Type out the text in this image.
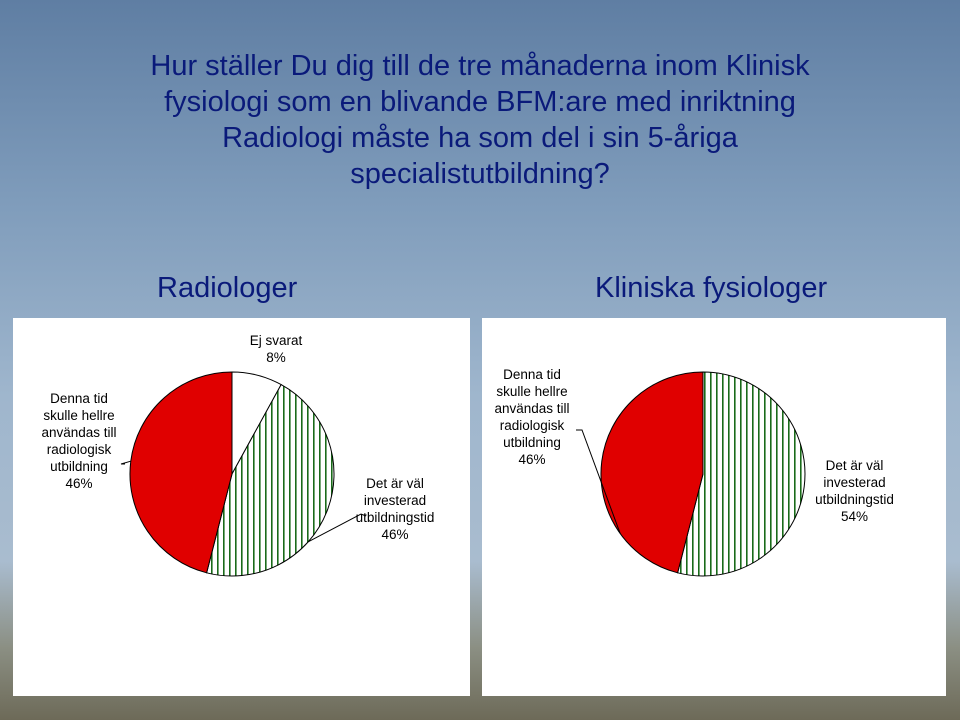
Hur ställer Du dig till de tre månaderna inom Klinisk
fysiologi som en blivande BFM:are med inriktning
Radiologi måste ha som del i sin 5-åriga
specialistutbildning?
Radiologer	Kliniska fysiologer
Ej svarat
8%
Det är väl
investerad
utbildningstid
46%
Denna tid
skulle hellre
användas till
radiologisk
utbildning
46%
Det är väl
investerad
utbildningstid
54%
Denna tid
skulle hellre
användas till
radiologisk
utbildning
46%
